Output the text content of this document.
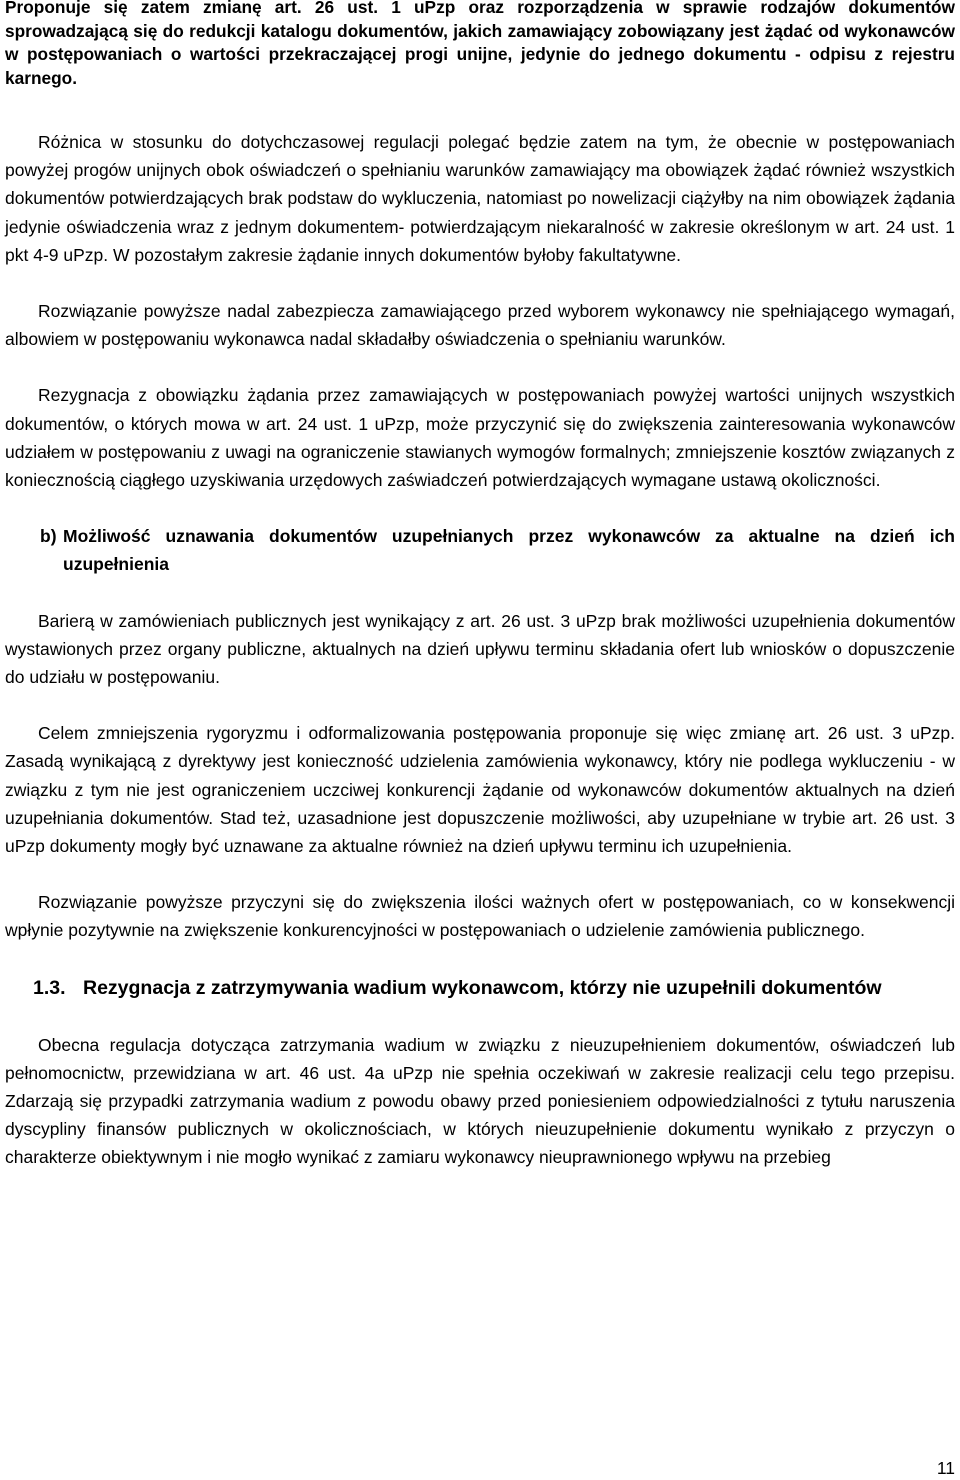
Proponuje się zatem zmianę art. 26 ust. 1 uPzp oraz rozporządzenia w sprawie rodzajów dokumentów sprowadzającą się do redukcji katalogu dokumentów, jakich zamawiający zobowiązany jest żądać od wykonawców w postępowaniach o wartości przekraczającej progi unijne, jedynie do jednego dokumentu - odpisu z rejestru karnego.

Różnica w stosunku do dotychczasowej regulacji polegać będzie zatem na tym, że obecnie w postępowaniach powyżej progów unijnych obok oświadczeń o spełnianiu warunków zamawiający ma obowiązek żądać również wszystkich dokumentów potwierdzających brak podstaw do wykluczenia, natomiast po nowelizacji ciążyłby na nim obowiązek żądania jedynie oświadczenia wraz z jednym dokumentem- potwierdzającym niekaralność w zakresie określonym w art. 24 ust. 1 pkt 4-9 uPzp. W pozostałym zakresie żądanie innych dokumentów byłoby fakultatywne.

Rozwiązanie powyższe nadal zabezpiecza zamawiającego przed wyborem wykonawcy nie spełniającego wymagań, albowiem w postępowaniu wykonawca nadal składałby oświadczenia o spełnianiu warunków.

Rezygnacja z obowiązku żądania przez zamawiających w postępowaniach powyżej wartości unijnych wszystkich dokumentów, o których mowa w art. 24 ust. 1 uPzp, może przyczynić się do zwiększenia zainteresowania wykonawców udziałem w postępowaniu z uwagi na ograniczenie stawianych wymogów formalnych; zmniejszenie kosztów związanych z koniecznością ciągłego uzyskiwania urzędowych zaświadczeń potwierdzających wymagane ustawą okoliczności.

b) Możliwość uznawania dokumentów uzupełnianych przez wykonawców za aktualne na dzień ich uzupełnienia

Barierą w zamówieniach publicznych jest wynikający z art. 26 ust. 3 uPzp brak możliwości uzupełnienia dokumentów wystawionych przez organy publiczne, aktualnych na dzień upływu terminu składania ofert lub wniosków o dopuszczenie do udziału w postępowaniu.

Celem zmniejszenia rygoryzmu i odformalizowania postępowania proponuje się więc zmianę art. 26 ust. 3 uPzp. Zasadą wynikającą z dyrektywy jest konieczność udzielenia zamówienia wykonawcy, który nie podlega wykluczeniu - w związku z tym nie jest ograniczeniem uczciwej konkurencji żądanie od wykonawców dokumentów aktualnych na dzień uzupełniania dokumentów. Stad też, uzasadnione jest dopuszczenie możliwości, aby uzupełniane w trybie art. 26 ust. 3 uPzp dokumenty mogły być uznawane za aktualne również na dzień upływu terminu ich uzupełnienia.

Rozwiązanie powyższe przyczyni się do zwiększenia ilości ważnych ofert w postępowaniach, co w konsekwencji wpłynie pozytywnie na zwiększenie konkurencyjności w postępowaniach o udzielenie zamówienia publicznego.

1.3. Rezygnacja z zatrzymywania wadium wykonawcom, którzy nie uzupełnili dokumentów

Obecna regulacja dotycząca zatrzymania wadium w związku z nieuzupełnieniem dokumentów, oświadczeń lub pełnomocnictw, przewidziana w art. 46 ust. 4a uPzp nie spełnia oczekiwań w zakresie realizacji celu tego przepisu. Zdarzają się przypadki zatrzymania wadium z powodu obawy przed poniesieniem odpowiedzialności z tytułu naruszenia dyscypliny finansów publicznych w okolicznościach, w których nieuzupełnienie dokumentu wynikało z przyczyn o charakterze obiektywnym i nie mogło wynikać z zamiaru wykonawcy nieuprawnionego wpływu na przebieg

11
